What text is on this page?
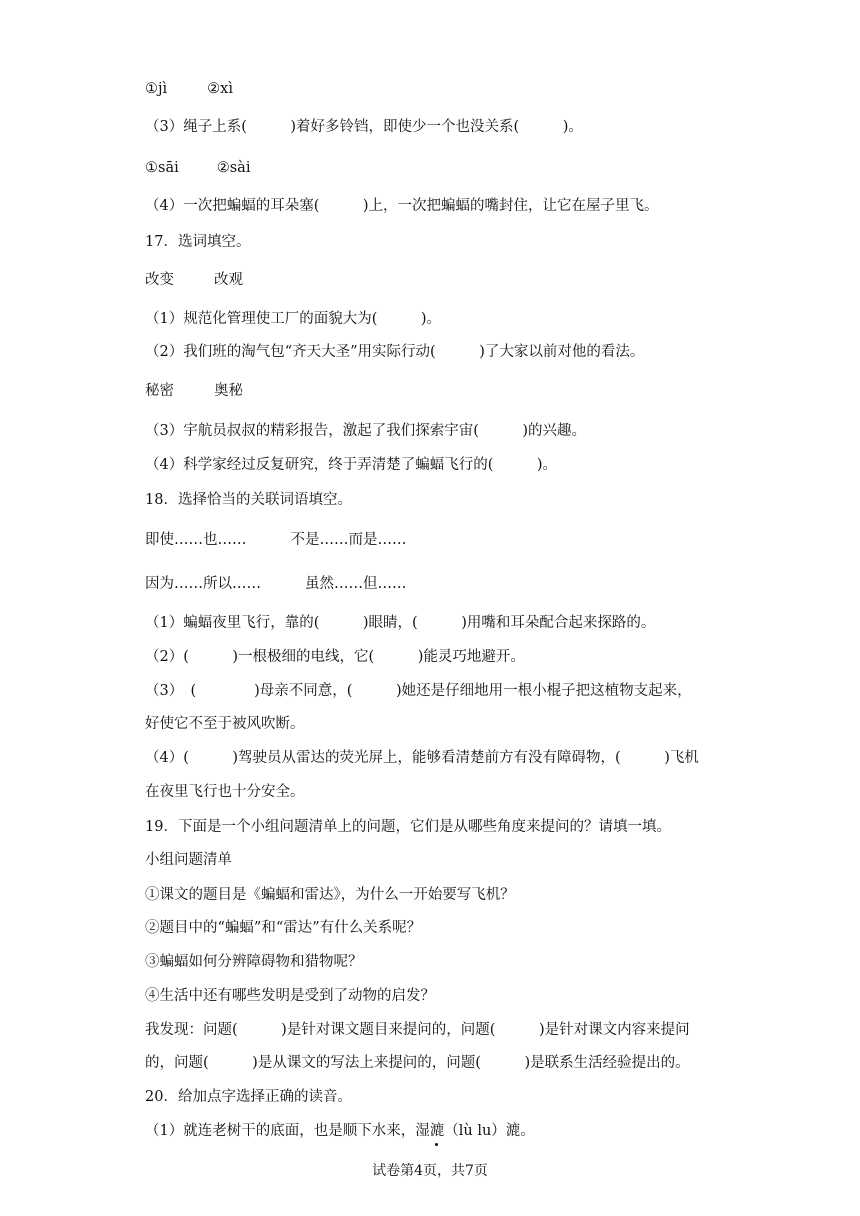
①jì	②xì
（3）绳子上系(　　　)着好多铃铛，即使少一个也没关系(　　　)。
①sāi	②sài
（4）一次把蝙蝠的耳朵塞(　　　)上，一次把蝙蝠的嘴封住，让它在屋子里飞。
17．选词填空。
改变	改观
（1）规范化管理使工厂的面貌大为(　　　)。
（2）我们班的淘气包“齐天大圣”用实际行动(　　　)了大家以前对他的看法。
秘密	奥秘
（3）宇航员叔叔的精彩报告，激起了我们探索宇宙(　　　)的兴趣。
（4）科学家经过反复研究，终于弄清楚了蝙蝠飞行的(　　　)。
18．选择恰当的关联词语填空。
即使……也……	不是……而是……
因为……所以……	虽然……但……
（1）蝙蝠夜里飞行，靠的(　　　)眼睛，(　　　)用嘴和耳朵配合起来探路的。
（2）(　　　)一根极细的电线，它(　　　)能灵巧地避开。
（3）　(　　　　)母亲不同意，(　　　)她还是仔细地用一根小棍子把这植物支起来，
好使它不至于被风吹断。
（4）(　　　)驾驶员从雷达的荧光屏上，能够看清楚前方有没有障碍物，(　　　)飞机
在夜里飞行也十分安全。
19．下面是一个小组问题清单上的问题，它们是从哪些角度来提问的？请填一填。
小组问题清单
①课文的题目是《蝙蝠和雷达》，为什么一开始要写飞机？
②题目中的“蝙蝠”和“雷达”有什么关系呢？
③蝙蝠如何分辨障碍物和猎物呢？
④生活中还有哪些发明是受到了动物的启发？
我发现：问题(　　　)是针对课文题目来提问的，问题(　　　)是针对课文内容来提问
的，问题(　　　)是从课文的写法上来提问的，问题(　　　)是联系生活经验提出的。
20．给加点字选择正确的读音。
（1）就连老树干的底面，也是顺下水来，湿漉（lù lu）漉。
试卷第4页，共7页
